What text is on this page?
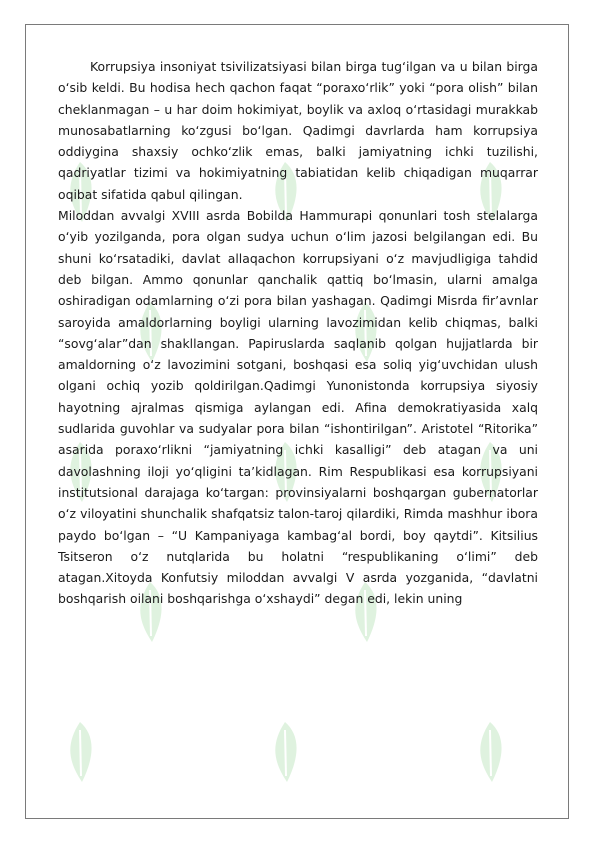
Korrupsiya insoniyat tsivilizatsiyasi bilan birga tug‘ilgan va u bilan birga o‘sib keldi. Bu hodisa hech qachon faqat “poraxo‘rlik” yoki “pora olish” bilan cheklanmagan – u har doim hokimiyat, boylik va axloq o‘rtasidagi murakkab munosabatlarning ko‘zgusi bo‘lgan. Qadimgi davrlarda ham korrupsiya oddiygina shaxsiy ochko‘zlik emas, balki jamiyatning ichki tuzilishi, qadriyatlar tizimi va hokimiyatning tabiatidan kelib chiqadigan muqarrar oqibat sifatida qabul qilingan.

Miloddan avvalgi XVIII asrda Bobilda Hammurapi qonunlari tosh stelalarga o‘yib yozilganda, pora olgan sudya uchun o‘lim jazosi belgilangan edi. Bu shuni ko‘rsatadiki, davlat allaqachon korrupsiyani o‘z mavjudligiga tahdid deb bilgan. Ammo qonunlar qanchalik qattiq bo‘lmasin, ularni amalga oshiradigan odamlarning o‘zi pora bilan yashagan. Qadimgi Misrda fir’avnlar saroyida amaldorlarning boyligi ularning lavozimidan kelib chiqmas, balki “sovg‘alar”dan shakllangan. Papiruslarda saqlanib qolgan hujjatlarda bir amaldorning o‘z lavozimini sotgani, boshqasi esa soliq yig‘uvchidan ulush olgani ochiq yozib qoldirilgan.Qadimgi Yunonistonda korrupsiya siyosiy hayotning ajralmas qismiga aylangan edi. Afina demokratiyasida xalq sudlarida guvohlar va sudyalar pora bilan “ishontirilgan”. Aristotel “Ritorika” asarida poraxo‘rlikni “jamiyatning ichki kasalligi” deb atagan va uni davolashning iloji yo‘qligini ta’kidlagan. Rim Respublikasi esa korrupsiyani institutsional darajaga ko‘targan: provinsiyalarni boshqargan gubernatorlar o‘z viloyatini shunchalik shafqatsiz talon-taroj qilardiki, Rimda mashhur ibora paydo bo‘lgan – “U Kampaniyaga kambag‘al bordi, boy qaytdi”. Kitsilius Tsitseron o‘z nutqlarida bu holatni “respublikaning o‘limi” deb atagan.Xitoyda Konfutsiy miloddan avvalgi V asrda yozganida, “davlatni boshqarish oilani boshqarishga o‘xshaydi” degan edi, lekin uning
